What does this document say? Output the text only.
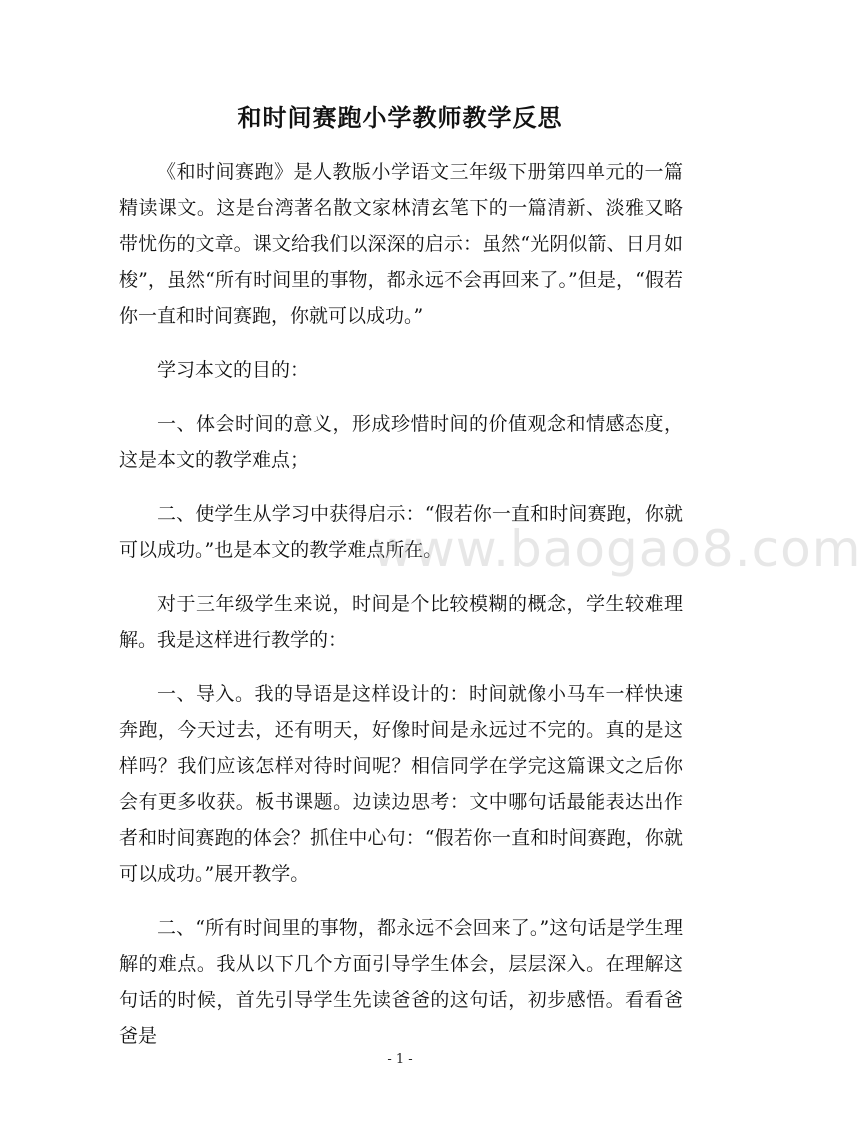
和时间赛跑小学教师教学反思

《和时间赛跑》是人教版小学语文三年级下册第四单元的一篇精读课文。这是台湾著名散文家林清玄笔下的一篇清新、淡雅又略带忧伤的文章。课文给我们以深深的启示：虽然“光阴似箭、日月如梭”，虽然“所有时间里的事物，都永远不会再回来了。”但是，“假若你一直和时间赛跑，你就可以成功。”

学习本文的目的：

一、体会时间的意义，形成珍惜时间的价值观念和情感态度，这是本文的教学难点；

二、使学生从学习中获得启示：“假若你一直和时间赛跑，你就可以成功。”也是本文的教学难点所在。

对于三年级学生来说，时间是个比较模糊的概念，学生较难理解。我是这样进行教学的：

一、导入。我的导语是这样设计的：时间就像小马车一样快速奔跑，今天过去，还有明天，好像时间是永远过不完的。真的是这样吗？我们应该怎样对待时间呢？相信同学在学完这篇课文之后你会有更多收获。板书课题。边读边思考：文中哪句话最能表达出作者和时间赛跑的体会？抓住中心句：“假若你一直和时间赛跑，你就可以成功。”展开教学。

二、“所有时间里的事物，都永远不会回来了。”这句话是学生理解的难点。我从以下几个方面引导学生体会，层层深入。在理解这句话的时候，首先引导学生先读爸爸的这句话，初步感悟。看看爸爸是

www.baogao8.com
- 1 -
